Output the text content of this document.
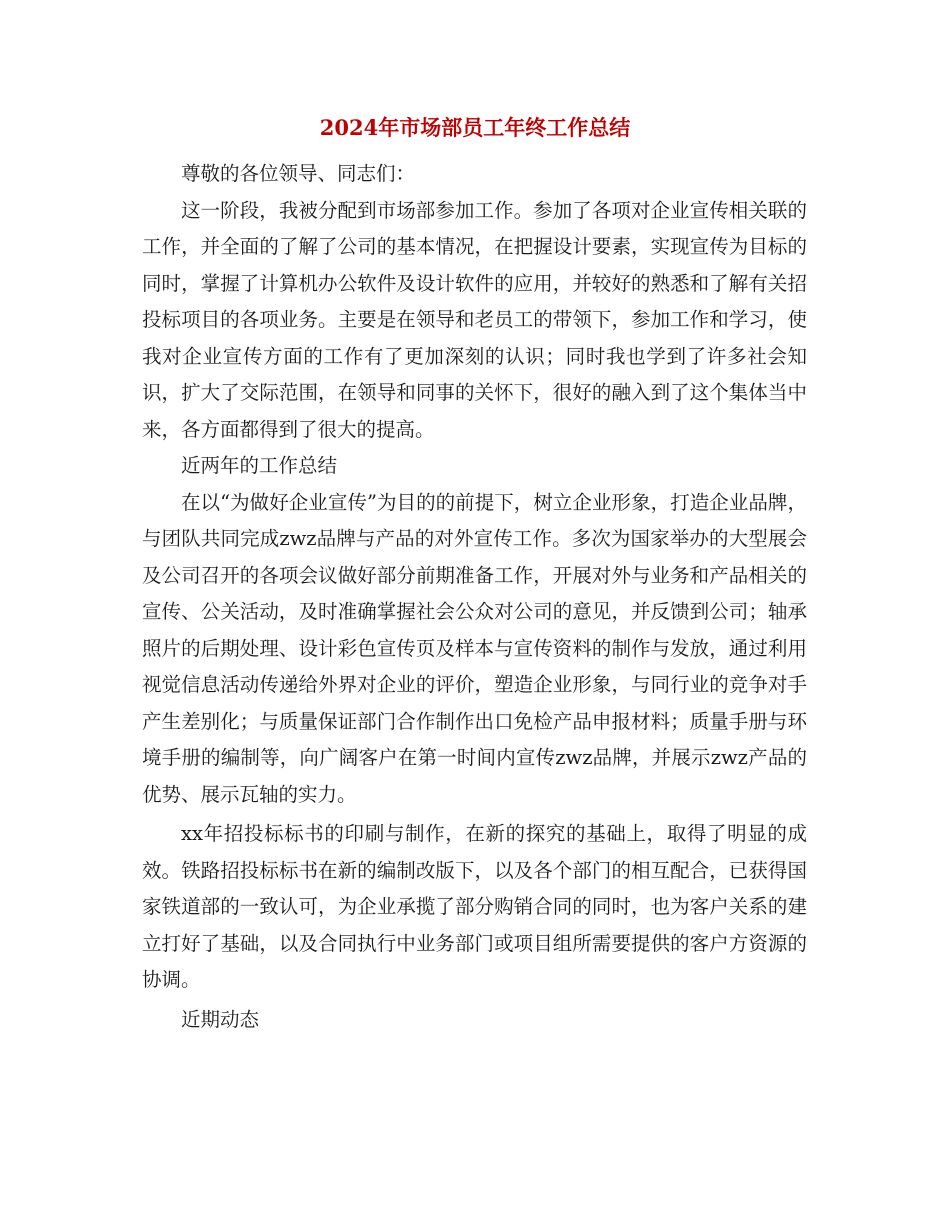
2024年市场部员工年终工作总结

尊敬的各位领导、同志们：

这一阶段，我被分配到市场部参加工作。参加了各项对企业宣传相关联的工作，并全面的了解了公司的基本情况，在把握设计要素，实现宣传为目标的同时，掌握了计算机办公软件及设计软件的应用，并较好的熟悉和了解有关招投标项目的各项业务。主要是在领导和老员工的带领下，参加工作和学习，使我对企业宣传方面的工作有了更加深刻的认识；同时我也学到了许多社会知识，扩大了交际范围，在领导和同事的关怀下，很好的融入到了这个集体当中来，各方面都得到了很大的提高。

近两年的工作总结

在以“为做好企业宣传”为目的的前提下，树立企业形象，打造企业品牌，与团队共同完成zwz品牌与产品的对外宣传工作。多次为国家举办的大型展会及公司召开的各项会议做好部分前期准备工作，开展对外与业务和产品相关的宣传、公关活动，及时准确掌握社会公众对公司的意见，并反馈到公司；轴承照片的后期处理、设计彩色宣传页及样本与宣传资料的制作与发放，通过利用视觉信息活动传递给外界对企业的评价，塑造企业形象，与同行业的竞争对手产生差别化；与质量保证部门合作制作出口免检产品申报材料；质量手册与环境手册的编制等，向广阔客户在第一时间内宣传zwz品牌，并展示zwz产品的优势、展示瓦轴的实力。

xx年招投标标书的印刷与制作，在新的探究的基础上，取得了明显的成效。铁路招投标标书在新的编制改版下，以及各个部门的相互配合，已获得国家铁道部的一致认可，为企业承揽了部分购销合同的同时，也为客户关系的建立打好了基础，以及合同执行中业务部门或项目组所需要提供的客户方资源的协调。

近期动态
